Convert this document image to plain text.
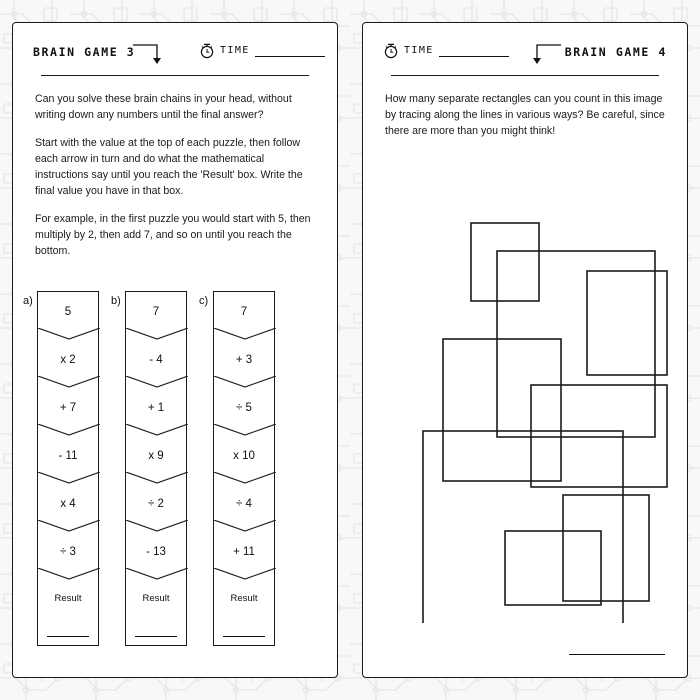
BRAIN GAME 3	TIME

Can you solve these brain chains in your head, without writing down any numbers until the final answer?

Start with the value at the top of each puzzle, then follow each arrow in turn and do what the mathematical instructions say until you reach the 'Result' box. Write the final value you have in that box.

For example, in the first puzzle you would start with 5, then multiply by 2, then add 7, and so on until you reach the bottom.

a)
5
x 2
+ 7
- 11
x 4
÷ 3
Result
b)
7
- 4
+ 1
x 9
÷ 2
- 13
Result
c)
7
+ 3
÷ 5
x 10
÷ 4
+ 11
Result
TIME	BRAIN GAME 4

How many separate rectangles can you count in this image by tracing along the lines in various ways? Be careful, since there are more than you might think!
